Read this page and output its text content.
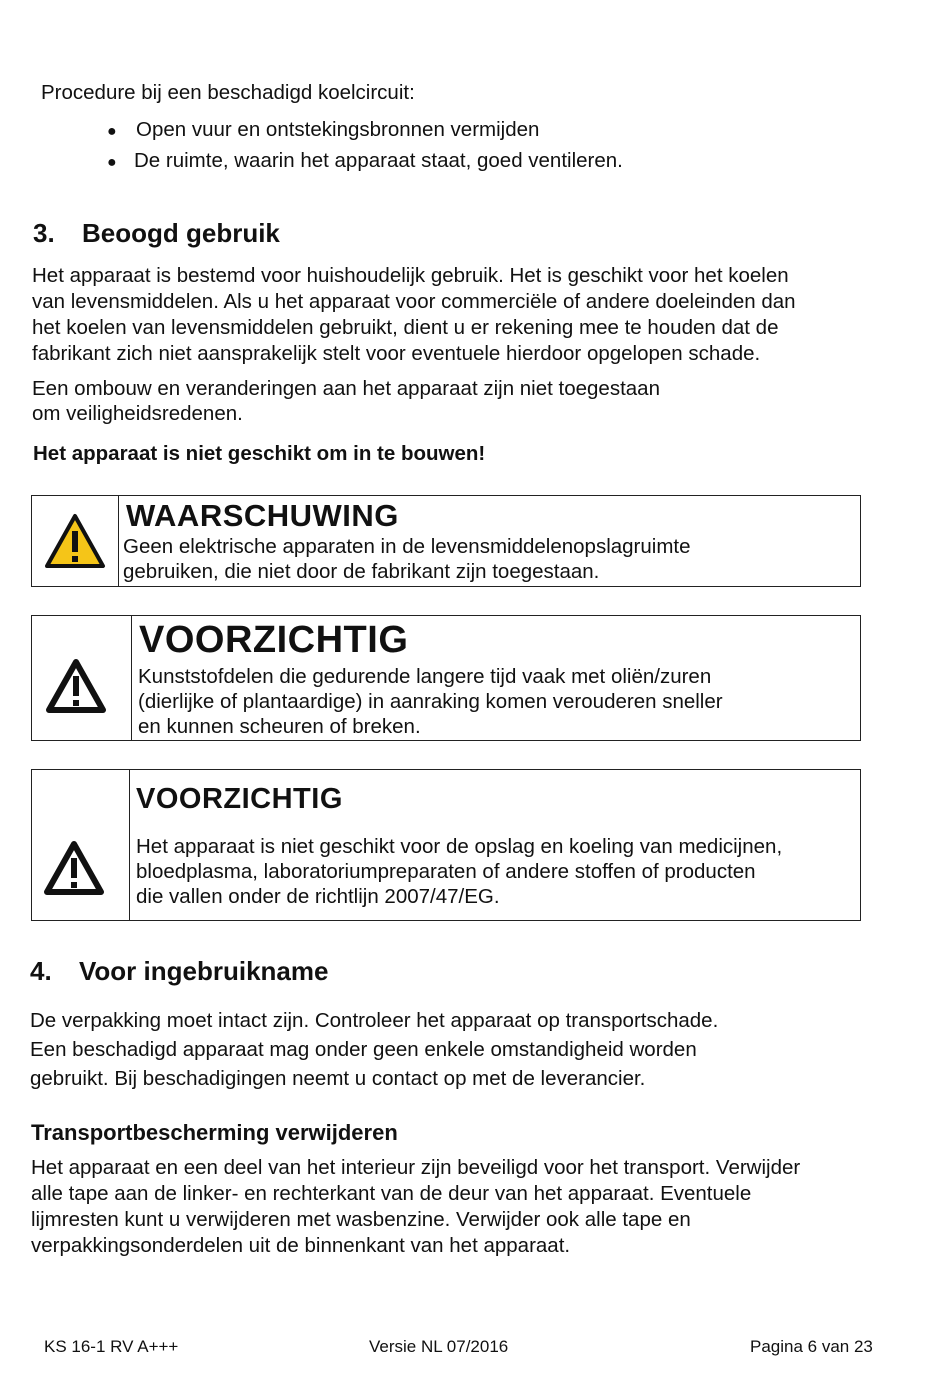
Procedure bij een beschadigd koelcircuit:
● Open vuur en ontstekingsbronnen vermijden
● De ruimte, waarin het apparaat staat, goed ventileren.
3. Beoogd gebruik
Het apparaat is bestemd voor huishoudelijk gebruik. Het is geschikt voor het koelen
van levensmiddelen. Als u het apparaat voor commerciële of andere doeleinden dan
het koelen van levensmiddelen gebruikt, dient u er rekening mee te houden dat de
fabrikant zich niet aansprakelijk stelt voor eventuele hierdoor opgelopen schade.
Een ombouw en veranderingen aan het apparaat zijn niet toegestaan
om veiligheidsredenen.
Het apparaat is niet geschikt om in te bouwen!
WAARSCHUWING
Geen elektrische apparaten in de levensmiddelenopslagruimte
gebruiken, die niet door de fabrikant zijn toegestaan.
VOORZICHTIG
Kunststofdelen die gedurende langere tijd vaak met oliën/zuren
(dierlijke of plantaardige) in aanraking komen verouderen sneller
en kunnen scheuren of breken.
VOORZICHTIG
Het apparaat is niet geschikt voor de opslag en koeling van medicijnen,
bloedplasma, laboratoriumpreparaten of andere stoffen of producten
die vallen onder de richtlijn 2007/47/EG.
4. Voor ingebruikname
De verpakking moet intact zijn. Controleer het apparaat op transportschade.
Een beschadigd apparaat mag onder geen enkele omstandigheid worden
gebruikt. Bij beschadigingen neemt u contact op met de leverancier.
Transportbescherming verwijderen
Het apparaat en een deel van het interieur zijn beveiligd voor het transport. Verwijder
alle tape aan de linker- en rechterkant van de deur van het apparaat. Eventuele
lijmresten kunt u verwijderen met wasbenzine. Verwijder ook alle tape en
verpakkingsonderdelen uit de binnenkant van het apparaat.
KS 16-1 RV A+++	Versie NL 07/2016	Pagina 6 van 23
